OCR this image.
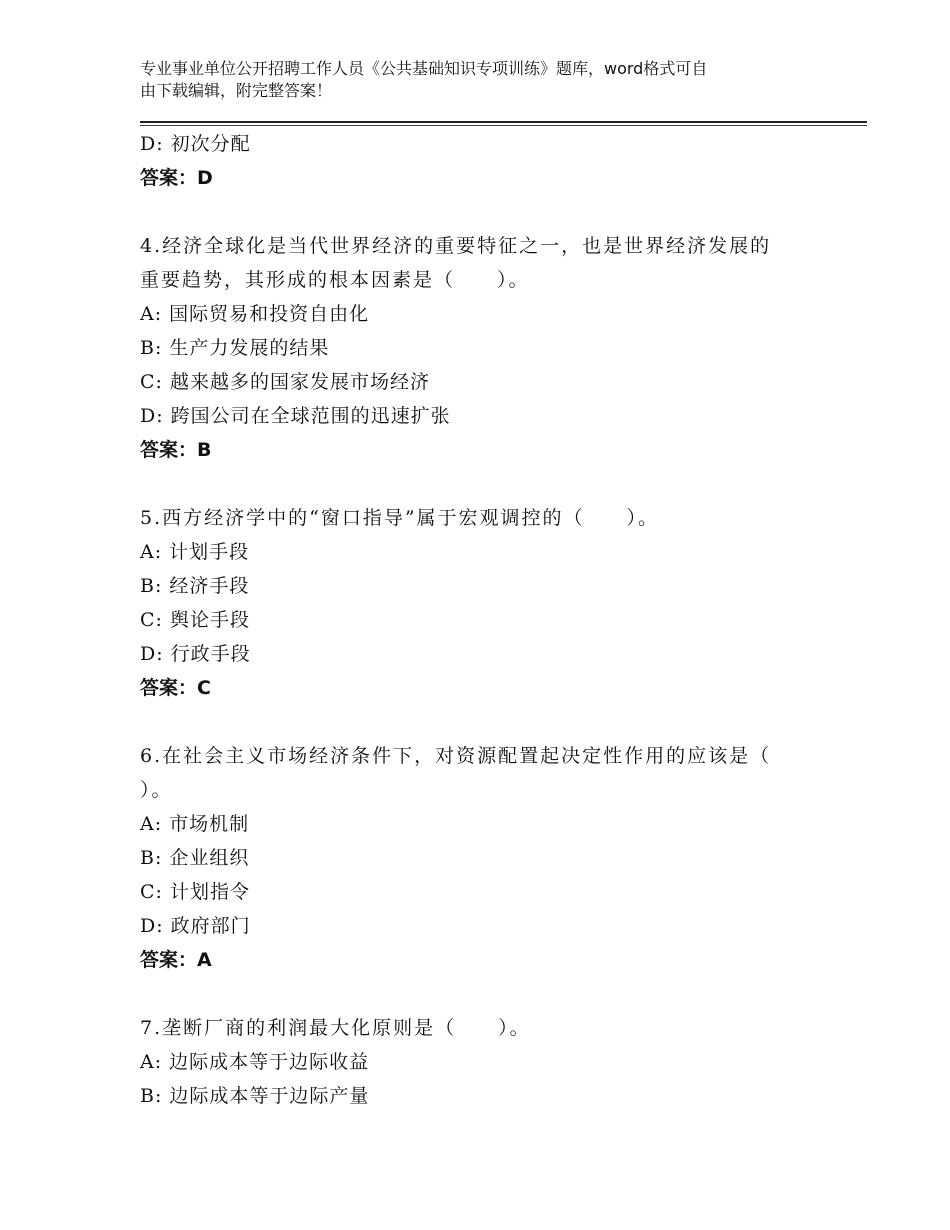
专业事业单位公开招聘工作人员《公共基础知识专项训练》题库，word格式可自
由下载编辑，附完整答案！
D: 初次分配
答案：D
4.经济全球化是当代世界经济的重要特征之一，也是世界经济发展的
重要趋势，其形成的根本因素是（　　）。
A: 国际贸易和投资自由化
B: 生产力发展的结果
C: 越来越多的国家发展市场经济
D: 跨国公司在全球范围的迅速扩张
答案：B
5.西方经济学中的“窗口指导”属于宏观调控的（　　）。
A: 计划手段
B: 经济手段
C: 舆论手段
D: 行政手段
答案：C
6.在社会主义市场经济条件下，对资源配置起决定性作用的应该是（
）。
A: 市场机制
B: 企业组织
C: 计划指令
D: 政府部门
答案：A
7.垄断厂商的利润最大化原则是（　　）。
A: 边际成本等于边际收益
B: 边际成本等于边际产量
